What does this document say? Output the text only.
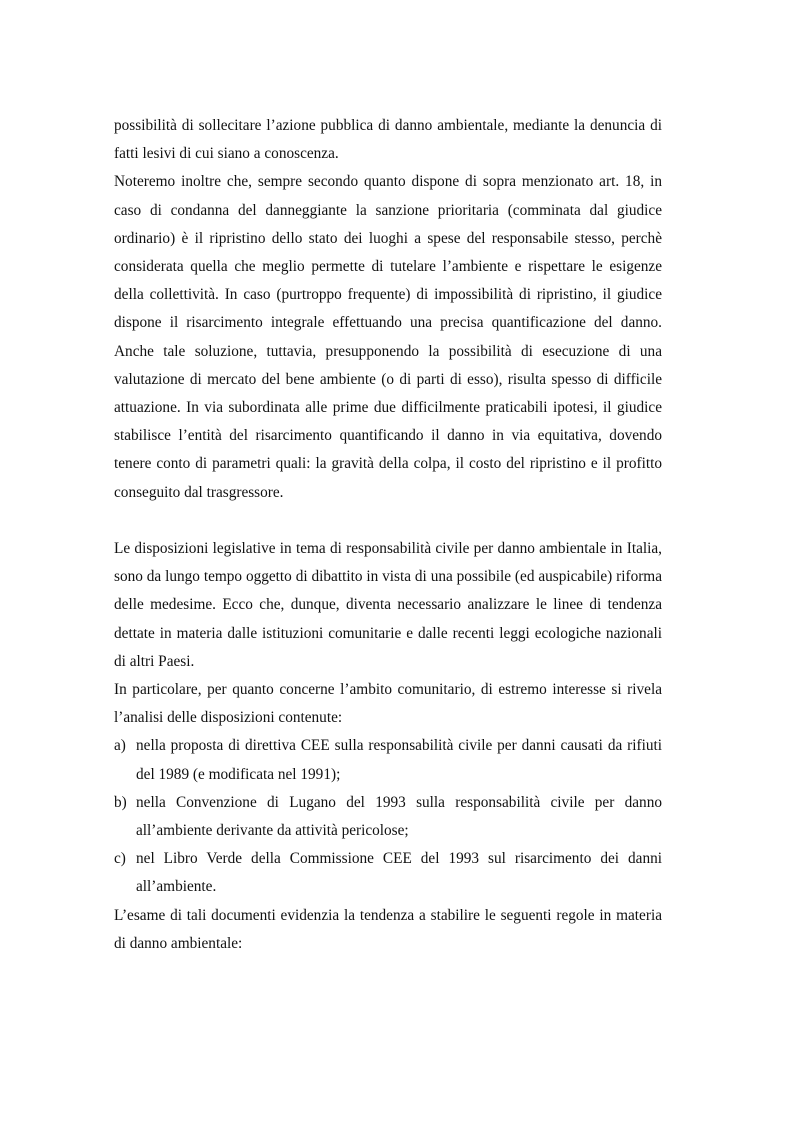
possibilità di sollecitare l’azione pubblica di danno ambientale, mediante la denuncia di fatti lesivi di cui siano a conoscenza.

Noteremo inoltre che, sempre secondo quanto dispone di sopra menzionato art. 18, in caso di condanna del danneggiante la sanzione prioritaria (comminata dal giudice ordinario) è il ripristino dello stato dei luoghi a spese del responsabile stesso, perchè considerata quella che meglio permette di tutelare l’ambiente e rispettare le esigenze della collettività. In caso (purtroppo frequente) di impossibilità di ripristino, il giudice dispone il risarcimento integrale effettuando una precisa quantificazione del danno. Anche tale soluzione, tuttavia, presupponendo la possibilità di esecuzione di una valutazione di mercato del bene ambiente (o di parti di esso), risulta spesso di difficile attuazione. In via subordinata alle prime due difficilmente praticabili ipotesi, il giudice stabilisce l’entità del risarcimento quantificando il danno in via equitativa, dovendo tenere conto di parametri quali: la gravità della colpa, il costo del ripristino e il profitto conseguito dal trasgressore.

Le disposizioni legislative in tema di responsabilità civile per danno ambientale in Italia, sono da lungo tempo oggetto di dibattito in vista di una possibile (ed auspicabile) riforma delle medesime. Ecco che, dunque, diventa necessario analizzare le linee di tendenza dettate in materia dalle istituzioni comunitarie e dalle recenti leggi ecologiche nazionali di altri Paesi.

In particolare, per quanto concerne l’ambito comunitario, di estremo interesse si rivela l’analisi delle disposizioni contenute:

a) nella proposta di direttiva CEE sulla responsabilità civile per danni causati da rifiuti del 1989 (e modificata nel 1991);
b) nella Convenzione di Lugano del 1993 sulla responsabilità civile per danno all’ambiente derivante da attività pericolose;
c) nel Libro Verde della Commissione CEE del 1993 sul risarcimento dei danni all’ambiente.

L’esame di tali documenti evidenzia la tendenza a stabilire le seguenti regole in materia di danno ambientale:
